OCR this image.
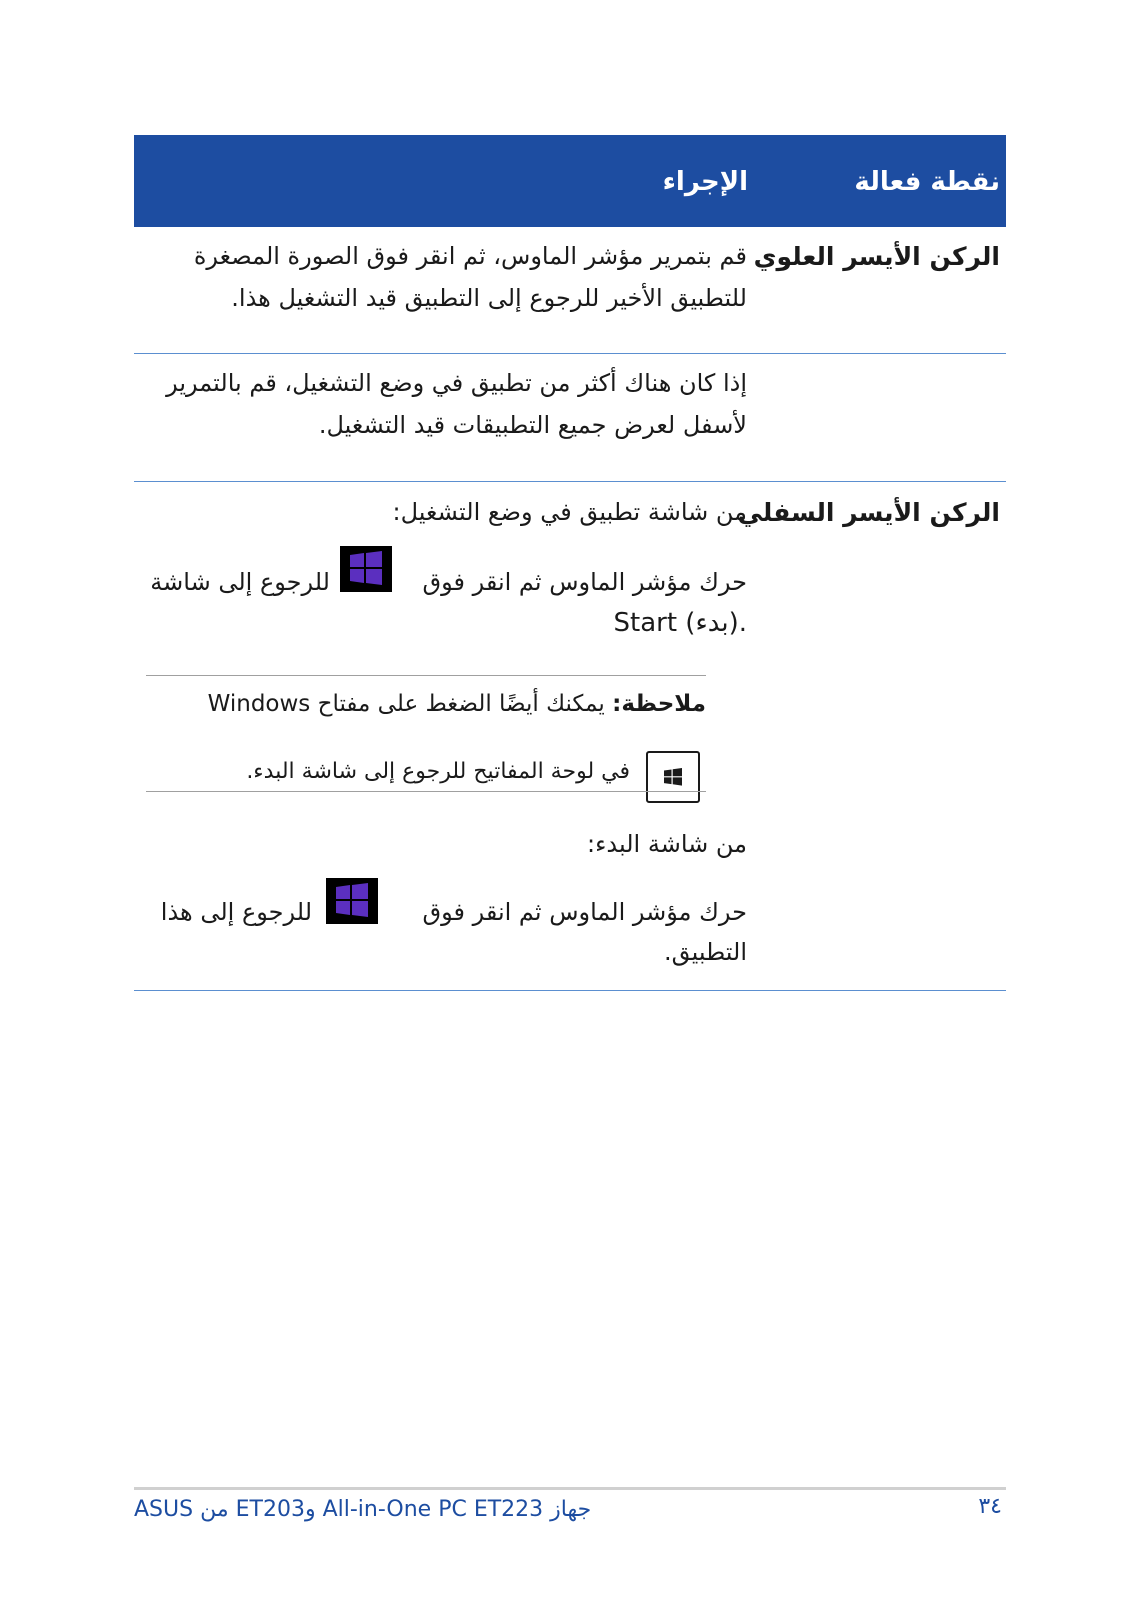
نقطة فعالة
الإجراء
الركن الأيسر العلوي
قم بتمرير مؤشر الماوس، ثم انقر فوق الصورة المصغرة
للتطبيق الأخير للرجوع إلى التطبيق قيد التشغيل هذا.
إذا كان هناك أكثر من تطبيق في وضع التشغيل، قم بالتمرير
لأسفل لعرض جميع التطبيقات قيد التشغيل.
الركن الأيسر السفلي
من شاشة تطبيق في وضع التشغيل:
حرك مؤشر الماوس ثم انقر فوق
للرجوع إلى شاشة
Start (بدء).
ملاحظة: يمكنك أيضًا الضغط على مفتاح Windows
في لوحة المفاتيح للرجوع إلى شاشة البدء.
من شاشة البدء:
حرك مؤشر الماوس ثم انقر فوق
للرجوع إلى هذا
التطبيق.
٣٤
جهاز All-in-One PC ET223 وET203 من ASUS
